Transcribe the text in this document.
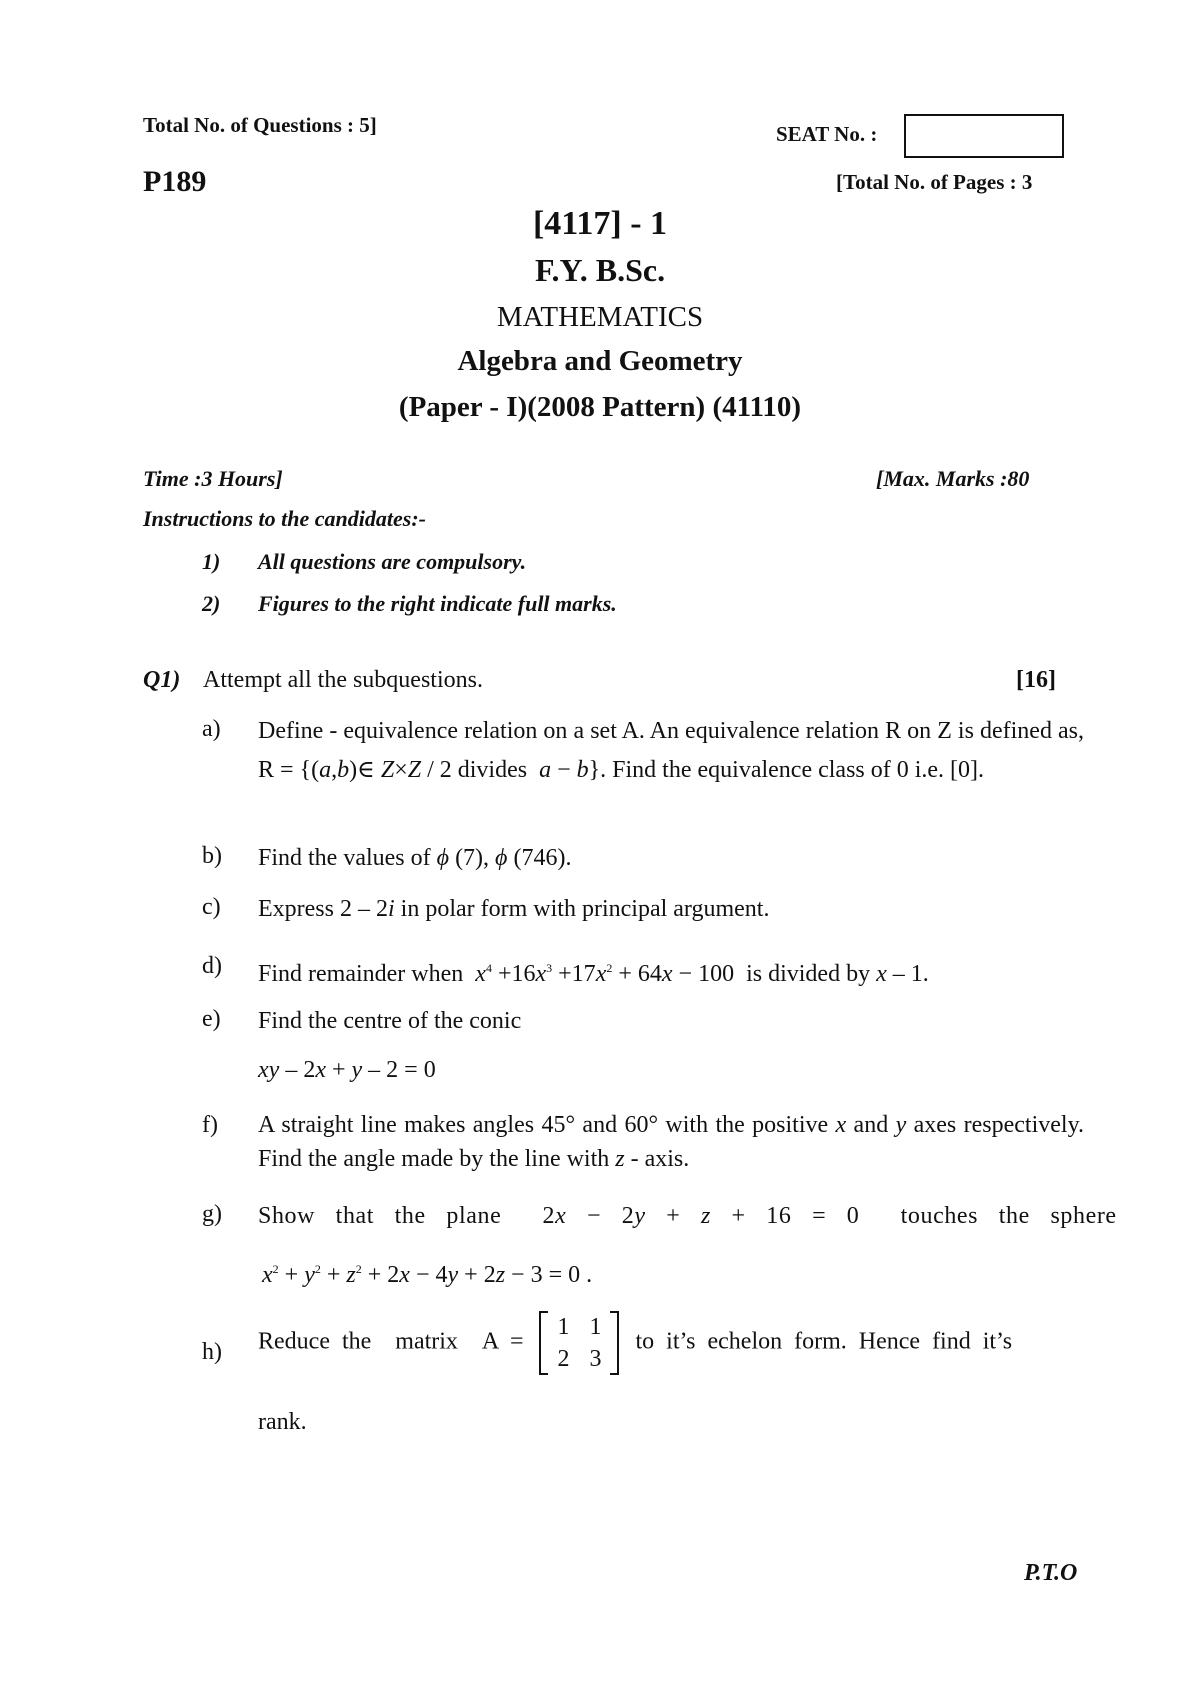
Total No. of Questions : 5]	SEAT No. :
P189	[Total No. of Pages : 3
[4117] - 1
F.Y. B.Sc.
MATHEMATICS
Algebra and Geometry
(Paper - I)(2008 Pattern) (41110)
Time :3 Hours]	[Max. Marks :80
Instructions to the candidates:-
1) All questions are compulsory.
2) Figures to the right indicate full marks.
Q1) Attempt all the subquestions.	[16]
a) Define - equivalence relation on a set A. An equivalence relation R on Z is defined as, R = {(a,b)∈ Z×Z / 2 divides  a − b}. Find the equivalence class of 0 i.e. [0].
b) Find the values of ϕ (7), ϕ (746).
c) Express 2 – 2i in polar form with principal argument.
d) Find remainder when  $x^4 +16x^3 +17x^2 + 64x - 100$  is divided by x – 1.
e) Find the centre of the conic
xy – 2x + y – 2 = 0
f) A straight line makes angles 45° and 60° with the positive x and y axes respectively. Find the angle made by the line with z - axis.
g) Show that the plane  2x − 2y + z + 16 = 0  touches the sphere
$x^2 + y^2 + z^2 + 2x - 4y + 2z - 3 = 0$ .
h) Reduce the  matrix  A =
1	1
2	3
to it’s echelon form. Hence find it’s
rank.
P.T.O
